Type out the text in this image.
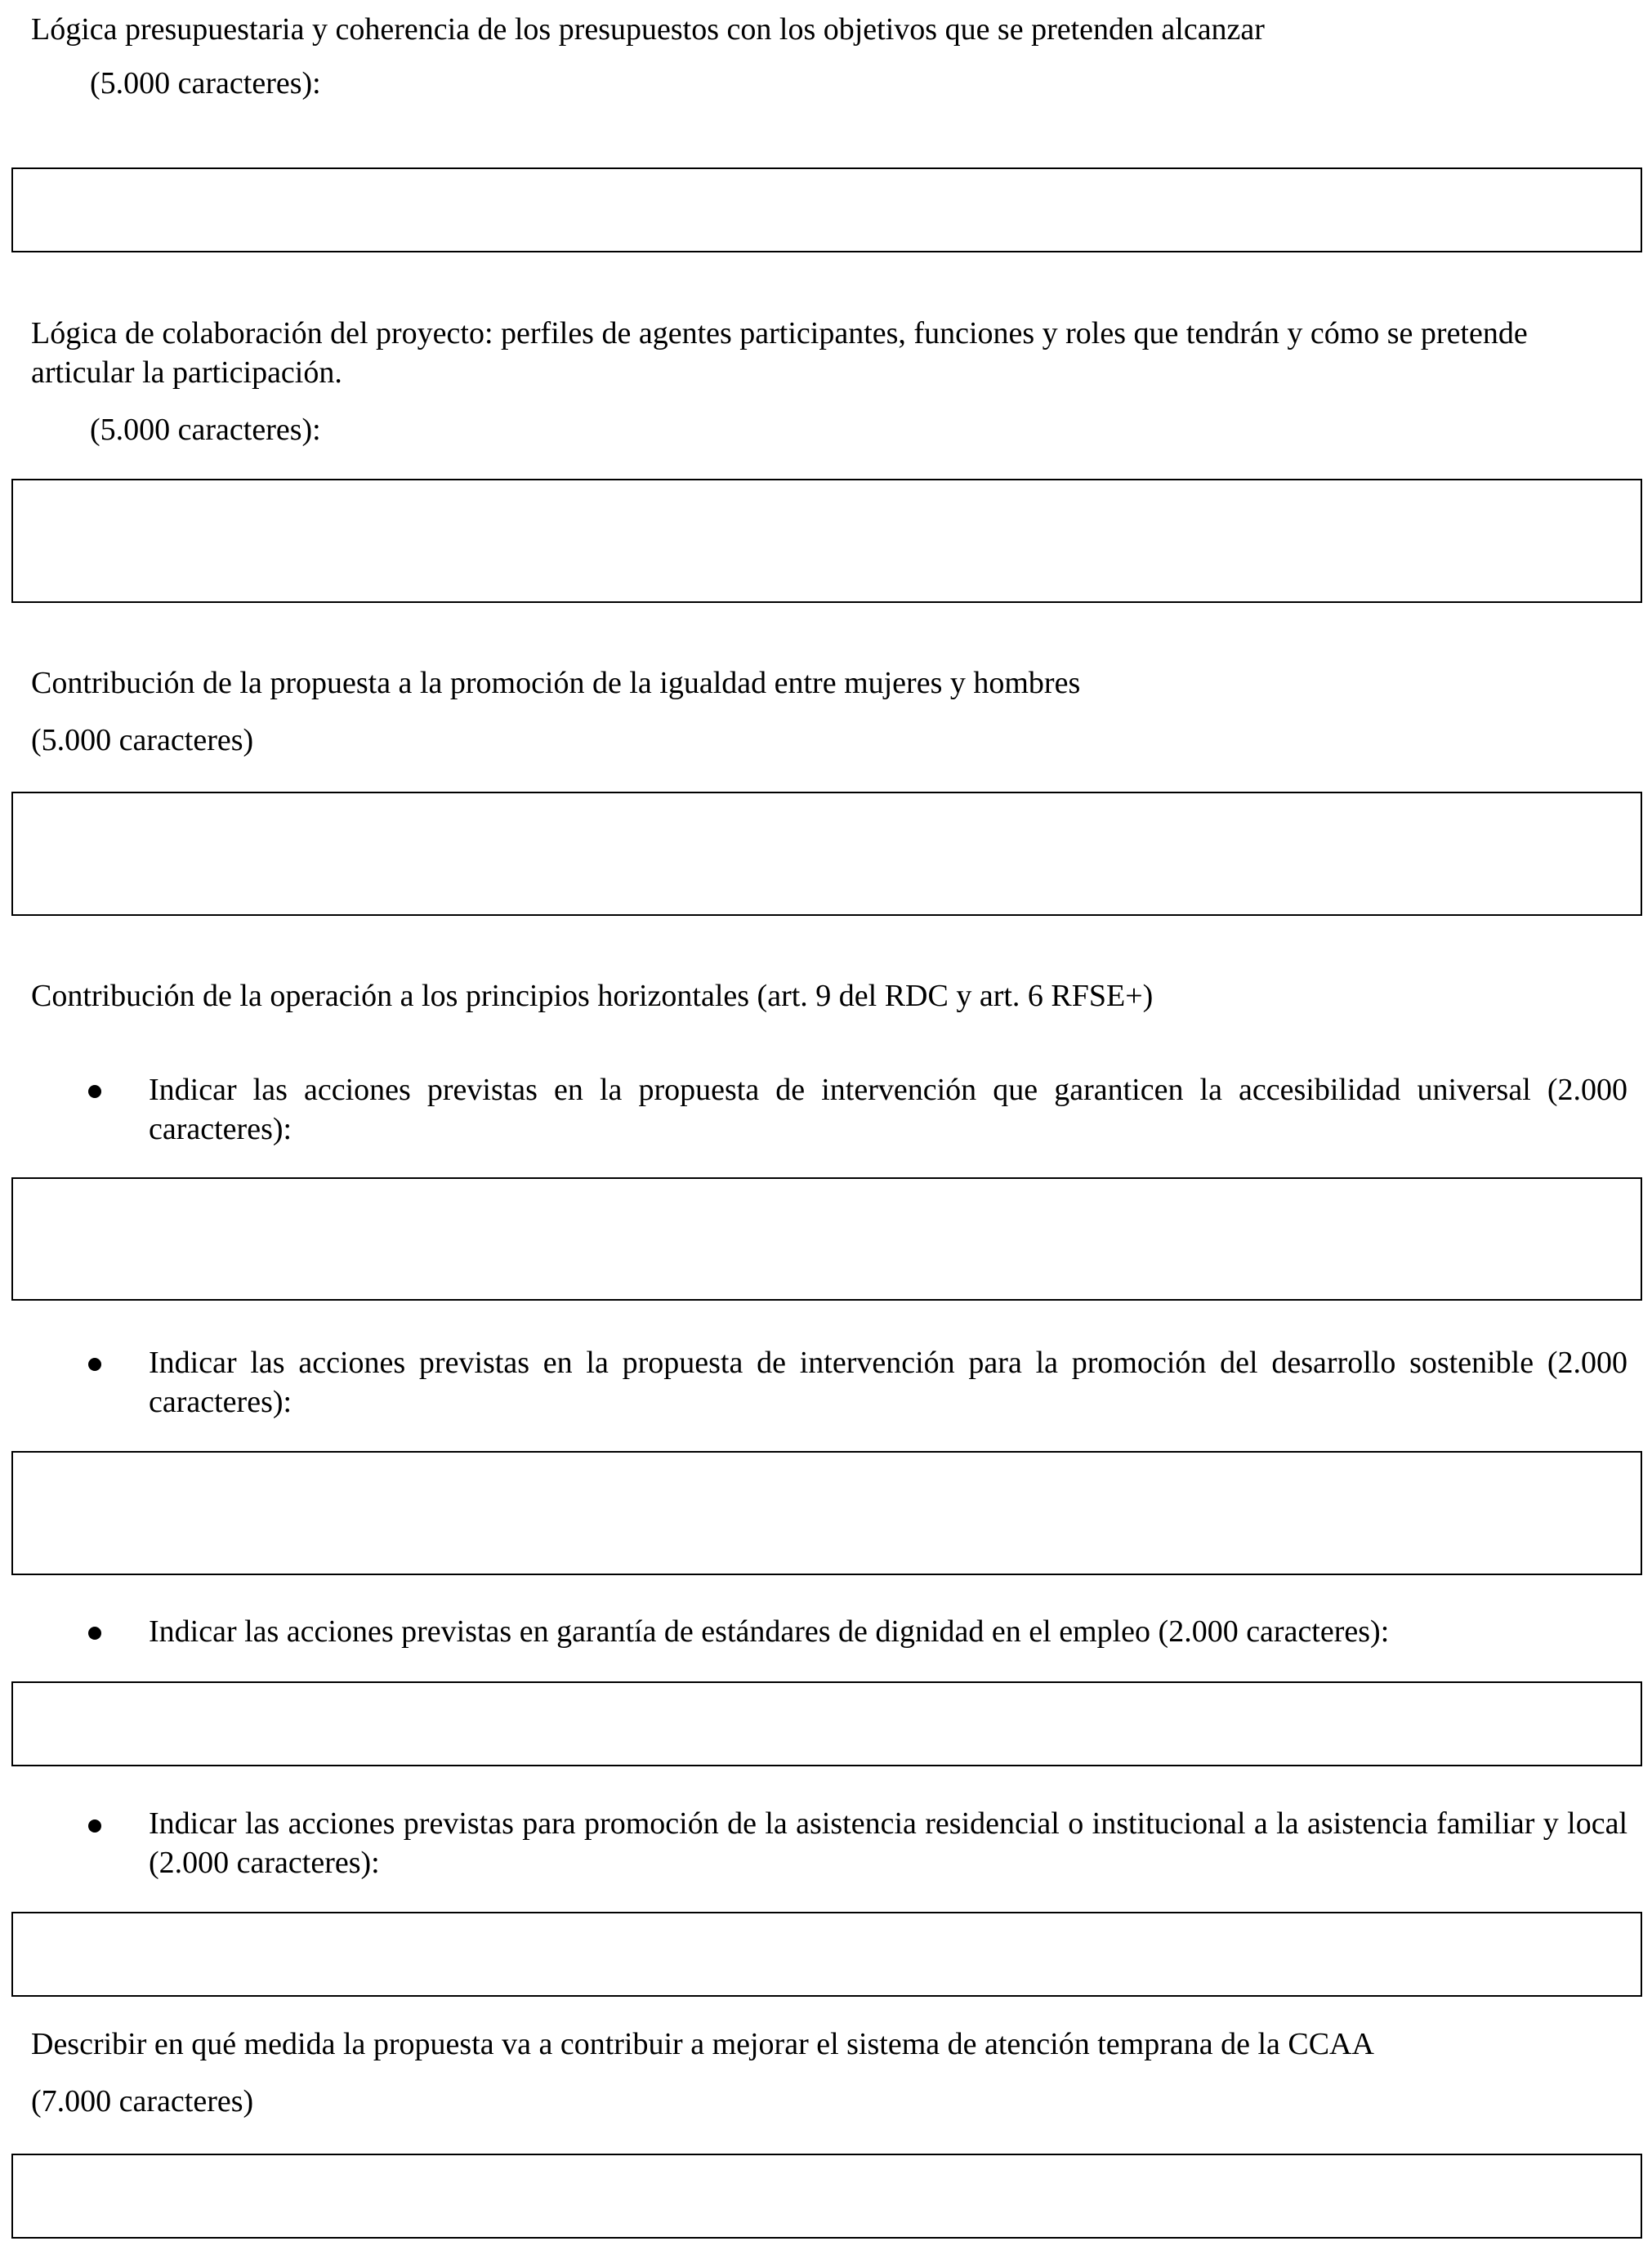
Lógica presupuestaria y coherencia de los presupuestos con los objetivos que se pretenden alcanzar

(5.000 caracteres):

Lógica de colaboración del proyecto: perfiles de agentes participantes, funciones y roles que tendrán y cómo se pretende articular la participación.

(5.000 caracteres):

Contribución de la propuesta a la promoción de la igualdad entre mujeres y hombres

(5.000 caracteres)

Contribución de la operación a los principios horizontales (art. 9 del RDC y art. 6 RFSE+)

Indicar las acciones previstas en la propuesta de intervención que garanticen la accesibilidad universal (2.000 caracteres):

Indicar las acciones previstas en la propuesta de intervención para la promoción del desarrollo sostenible (2.000 caracteres):

Indicar las acciones previstas en garantía de estándares de dignidad en el empleo (2.000 caracteres):

Indicar las acciones previstas para promoción de la asistencia residencial o institucional a la asistencia familiar y local (2.000 caracteres):

Describir en qué medida la propuesta va a contribuir a mejorar el sistema de atención temprana de la CCAA

(7.000 caracteres)
